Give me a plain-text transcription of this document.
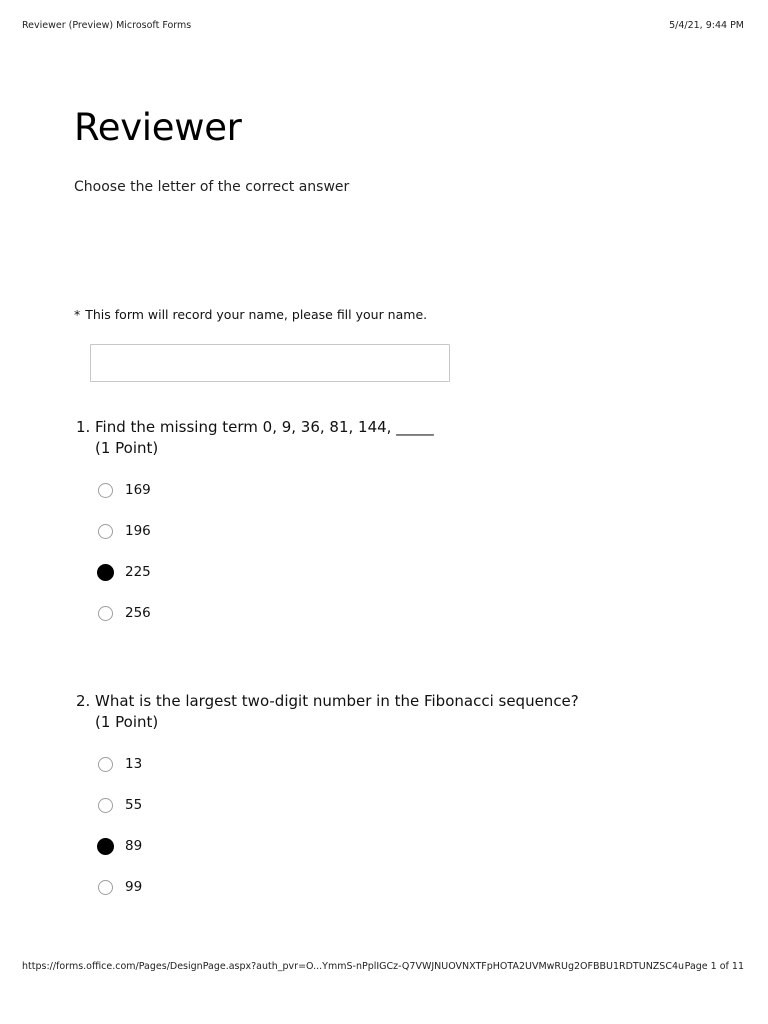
Reviewer (Preview) Microsoft Forms	5/4/21, 9:44 PM
Reviewer
Choose the letter of the correct answer
* This form will record your name, please fill your name.
1. Find the missing term 0, 9, 36, 81, 144, _____
(1 Point)
169
196
225
256
2. What is the largest two-digit number in the Fibonacci sequence?
(1 Point)
13
55
89
99
https://forms.office.com/Pages/DesignPage.aspx?auth_pvr=O...YmmS-nPplIGCz-Q7VWJNUOVNXTFpHOTA2UVMwRUg2OFBBU1RDTUNZSC4u Page 1 of 11
